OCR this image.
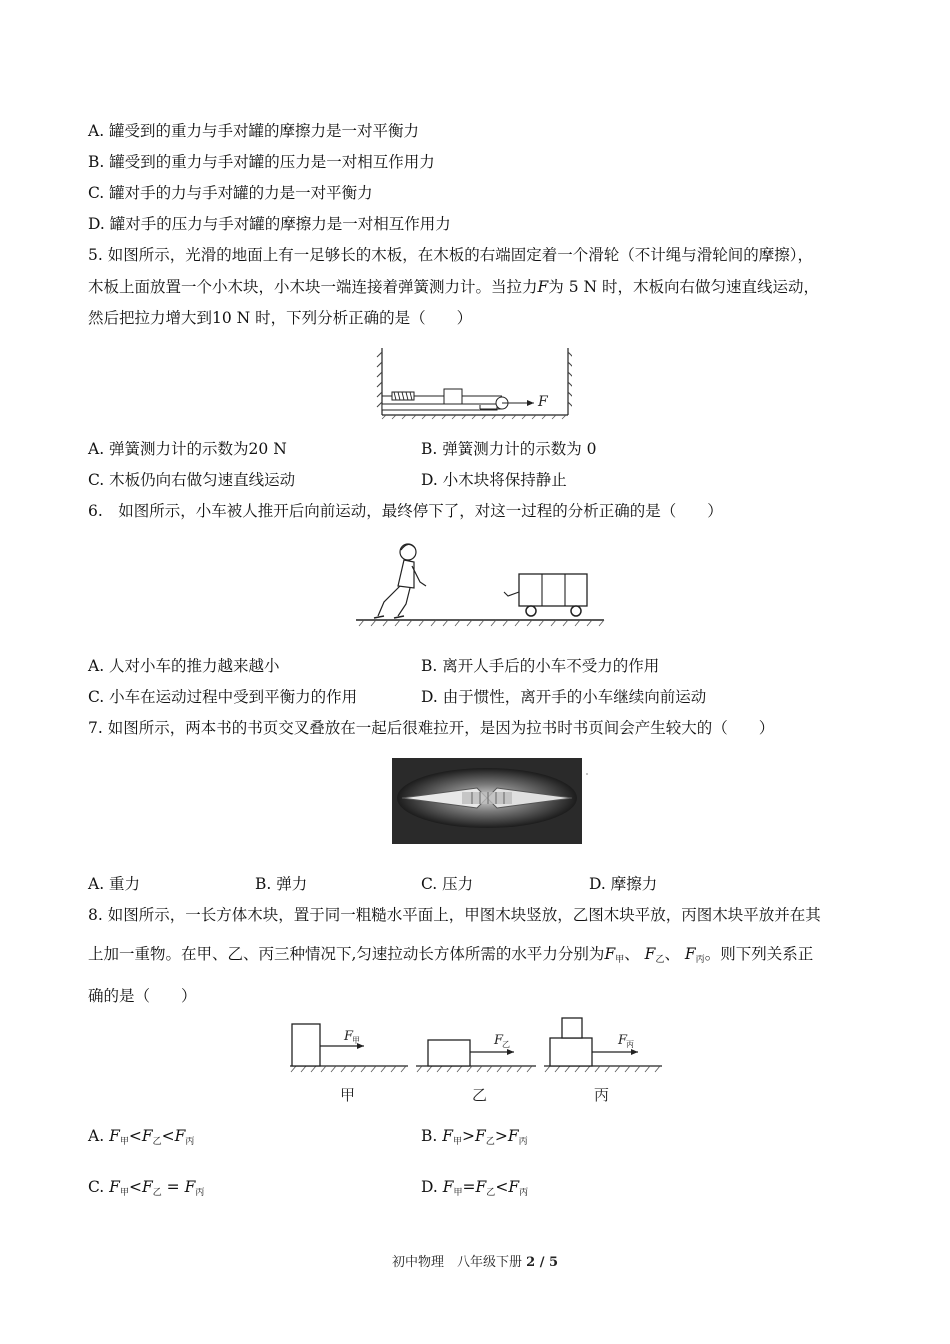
A. 罐受到的重力与手对罐的摩擦力是一对平衡力
B. 罐受到的重力与手对罐的压力是一对相互作用力
C. 罐对手的力与手对罐的力是一对平衡力
D. 罐对手的压力与手对罐的摩擦力是一对相互作用力
5. 如图所示，光滑的地面上有一足够长的木板，在木板的右端固定着一个滑轮（不计绳与滑轮间的摩擦），
木板上面放置一个小木块，小木块一端连接着弹簧测力计。当拉力F为 5 N 时，木板向右做匀速直线运动，
然后把拉力增大到10 N 时，下列分析正确的是（　　）
F
A. 弹簧测力计的示数为20 N	B. 弹簧测力计的示数为 0
C. 木板仍向右做匀速直线运动	D. 小木块将保持静止
6.　如图所示，小车被人推开后向前运动，最终停下了，对这一过程的分析正确的是（　　）
A. 人对小车的推力越来越小	B. 离开人手后的小车不受力的作用
C. 小车在运动过程中受到平衡力的作用	D. 由于惯性，离开手的小车继续向前运动
7. 如图所示，两本书的书页交叉叠放在一起后很难拉开，是因为拉书时书页间会产生较大的（　　）
A. 重力	B. 弹力	C. 压力	D. 摩擦力
8. 如图所示，一长方体木块，置于同一粗糙水平面上，甲图木块竖放，乙图木块平放，丙图木块平放并在其
上加一重物。在甲、乙、丙三种情况下,匀速拉动长方体所需的水平力分别为$F_甲$、 $F_乙$、 $F_丙$。则下列关系正
确的是（　　）
F
甲
甲
F
乙
乙
F
丙
丙
A. $F_甲<F_乙<F_丙$	B. $F_甲>F_乙>F_丙$
C. $F_甲<F_乙 = F_丙$	D. $F_甲=F_乙<F_丙$
初中物理　八年级下册 2 / 5
